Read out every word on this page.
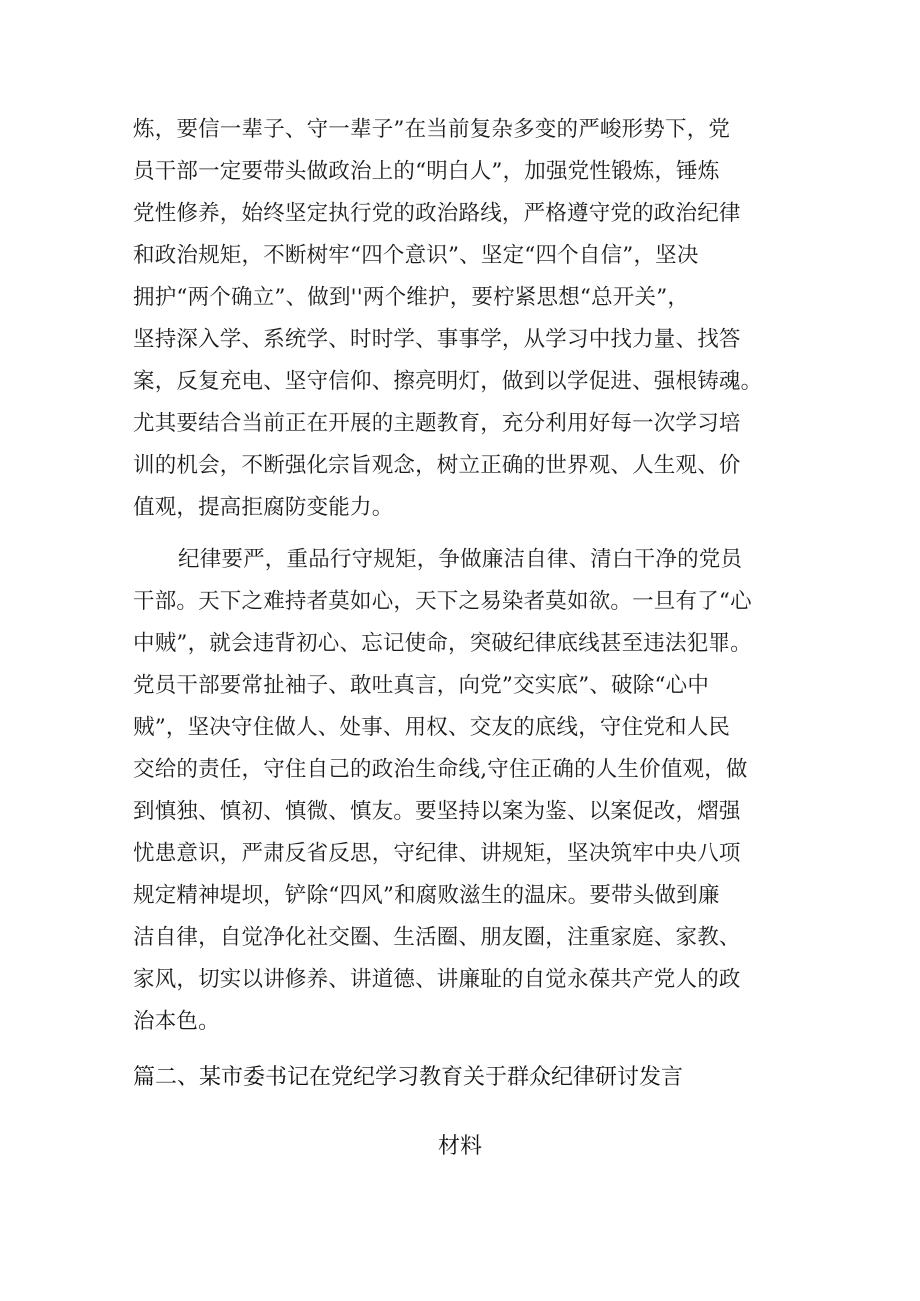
炼，要信一辈子、守一辈子”在当前复杂多变的严峻形势下，党
员干部一定要带头做政治上的“明白人”，加强党性锻炼，锤炼
党性修养，始终坚定执行党的政治路线，严格遵守党的政治纪律
和政治规矩，不断树牢“四个意识”、坚定“四个自信”，坚决
拥护“两个确立”、做到''两个维护，要柠紧思想“总开关”，
坚持深入学、系统学、时时学、事事学，从学习中找力量、找答
案，反复充电、坚守信仰、擦亮明灯，做到以学促进、强根铸魂。
尤其要结合当前正在开展的主题教育，充分利用好每一次学习培
训的机会，不断强化宗旨观念，树立正确的世界观、人生观、价
值观，提高拒腐防变能力。
纪律要严，重品行守规矩，争做廉洁自律、清白干净的党员
干部。天下之难持者莫如心，天下之易染者莫如欲。一旦有了“心
中贼”，就会违背初心、忘记使命，突破纪律底线甚至违法犯罪。
党员干部要常扯袖子、敢吐真言，向党”交实底”、破除“心中
贼”，坚决守住做人、处事、用权、交友的底线，守住党和人民
交给的责任，守住自己的政治生命线,守住正确的人生价值观，做
到慎独、慎初、慎微、慎友。要坚持以案为鉴、以案促改，熠强
忧患意识，严肃反省反思，守纪律、讲规矩，坚决筑牢中央八项
规定精神堤坝，铲除“四风”和腐败滋生的温床。要带头做到廉
洁自律，自觉净化社交圈、生活圈、朋友圈，注重家庭、家教、
家风，切实以讲修养、讲道德、讲廉耻的自觉永葆共产党人的政
治本色。
篇二、某市委书记在党纪学习教育关于群众纪律研讨发言
材料
